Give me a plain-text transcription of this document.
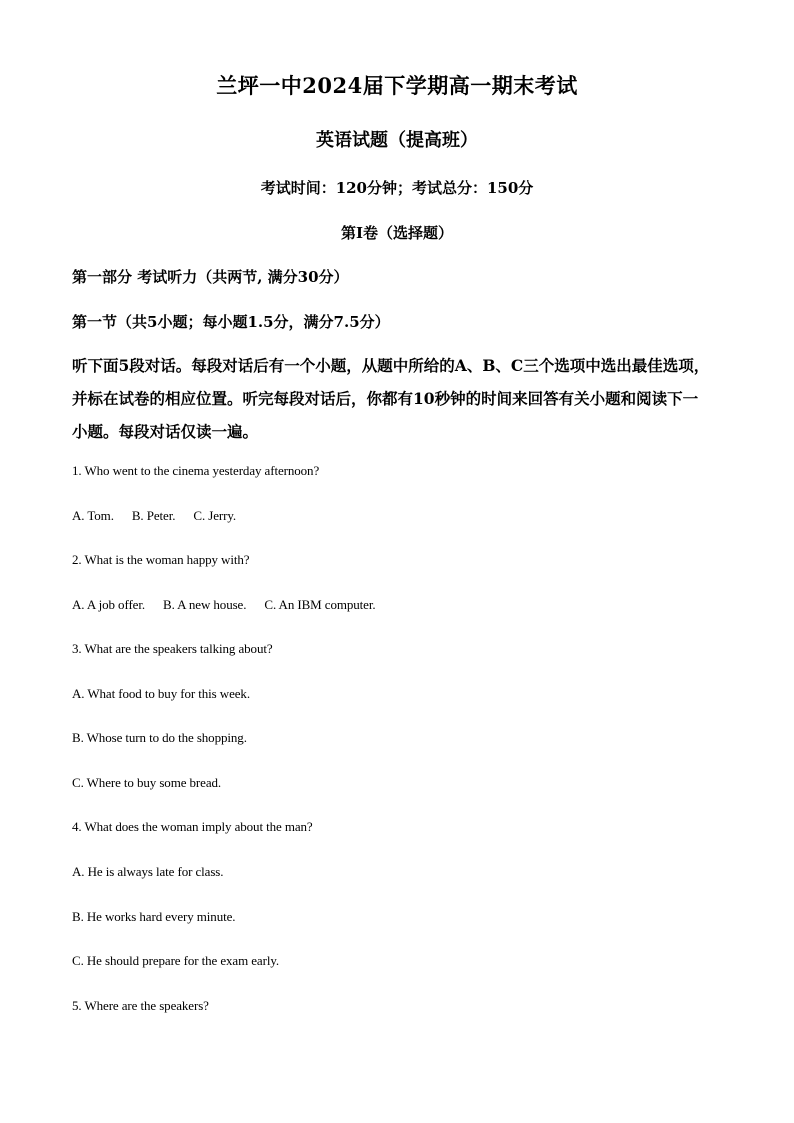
兰坪一中2024届下学期高一期末考试
英语试题（提高班）
考试时间：120分钟；考试总分：150分
第Ⅰ卷（选择题）
第一部分 考试听力（共两节, 满分30分）
第一节（共5小题；每小题1.5分，满分7.5分）
听下面5段对话。每段对话后有一个小题，从题中所给的A、B、C三个选项中选出最佳选项，
并标在试卷的相应位置。听完每段对话后，你都有10秒钟的时间来回答有关小题和阅读下一
小题。每段对话仅读一遍。
1. Who went to the cinema yesterday afternoon?
A. Tom. B. Peter. C. Jerry.
2. What is the woman happy with?
A. A job offer. B. A new house. C. An IBM computer.
3. What are the speakers talking about?
A. What food to buy for this week.
B. Whose turn to do the shopping.
C. Where to buy some bread.
4. What does the woman imply about the man?
A. He is always late for class.
B. He works hard every minute.
C. He should prepare for the exam early.
5. Where are the speakers?
